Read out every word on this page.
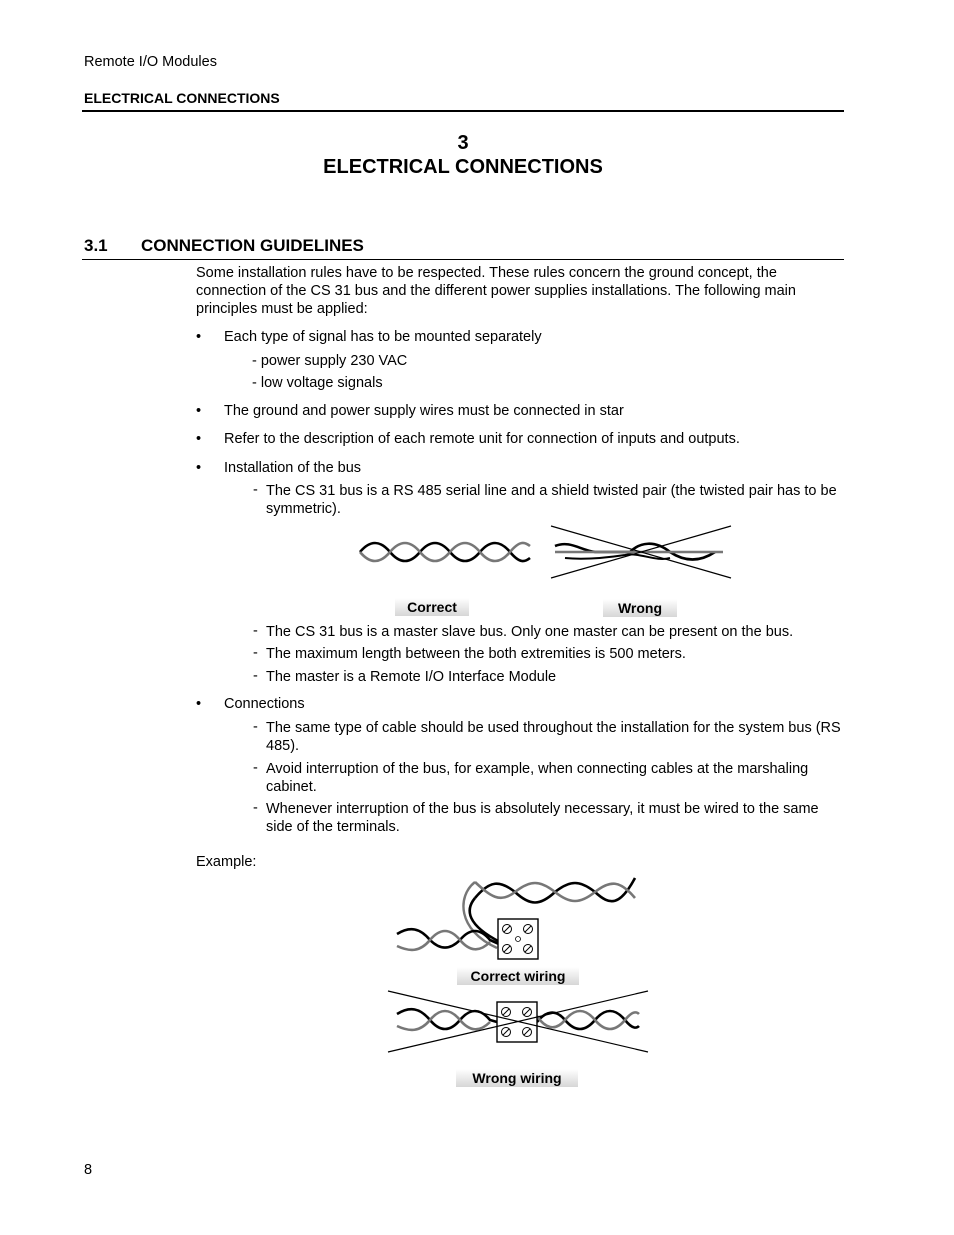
Remote I/O Modules
ELECTRICAL CONNECTIONS
3
ELECTRICAL CONNECTIONS
3.1 CONNECTION GUIDELINES
Some installation rules have to be respected. These rules concern the ground concept, the connection of the CS 31 bus and the different power supplies installations. The following main principles must be applied:
• Each type of signal has to be mounted separately
- power supply 230 VAC
- low voltage signals
• The ground and power supply wires must be connected in star
• Refer to the description of each remote unit for connection of inputs and outputs.
• Installation of the bus
- The CS 31 bus is a RS 485 serial line and a shield twisted pair (the twisted pair has to be symmetric).
Correct	Wrong
- The CS 31 bus is a master slave bus. Only one master can be present on the bus.
- The maximum length between the both extremities is 500 meters.
- The master is a Remote I/O Interface Module
• Connections
- The same type of cable should be used throughout the installation for the system bus (RS 485).
- Avoid interruption of the bus, for example, when connecting cables at the marshaling cabinet.
- Whenever interruption of the bus is absolutely necessary, it must be wired to the same side of the terminals.
Example:
Correct wiring
Wrong wiring
8
